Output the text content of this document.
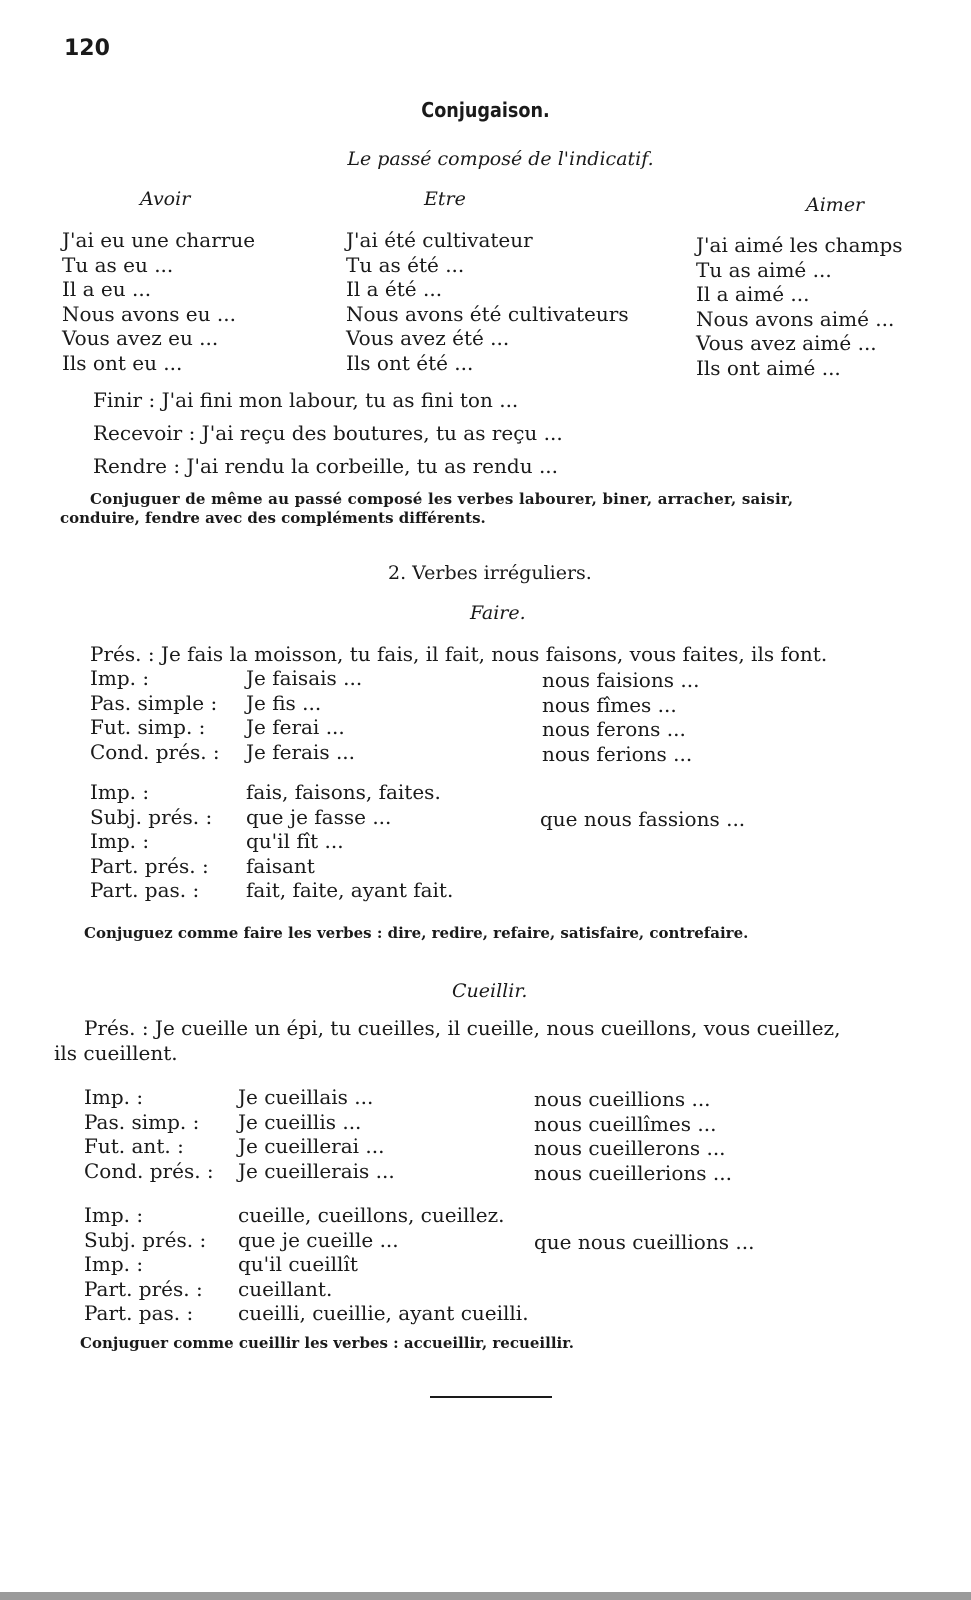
120
Conjugaison.
Le passé composé de l'indicatif.
Avoir	Etre	Aimer
J'ai eu une charrue
Tu as eu ...
Il a eu ...
Nous avons eu ...
Vous avez eu ...
Ils ont eu ...
J'ai été cultivateur
Tu as été ...
Il a été ...
Nous avons été cultivateurs
Vous avez été ...
Ils ont été ...
J'ai aimé les champs
Tu as aimé ...
Il a aimé ...
Nous avons aimé ...
Vous avez aimé ...
Ils ont aimé ...
Finir : J'ai fini mon labour, tu as fini ton ...
Recevoir : J'ai reçu des boutures, tu as reçu ...
Rendre : J'ai rendu la corbeille, tu as rendu ...
Conjuguer de même au passé composé les verbes labourer, biner, arracher, saisir,
conduire, fendre avec des compléments différents.
2. Verbes irréguliers.
Faire.
Prés. : Je fais la moisson, tu fais, il fait, nous faisons, vous faites, ils font.
Imp. :
Pas. simple :
Fut. simp. :
Cond. prés. :
Je faisais ...
Je fis ...
Je ferai ...
Je ferais ...
nous faisions ...
nous fîmes ...
nous ferons ...
nous ferions ...
Imp. :
Subj. prés. :
Imp. :
Part. prés. :
Part. pas. :
fais, faisons, faites.
que je fasse ...
qu'il fît ...
faisant
fait, faite, ayant fait.
que nous fassions ...
Conjuguez comme faire les verbes : dire, redire, refaire, satisfaire, contrefaire.
Cueillir.
Prés. : Je cueille un épi, tu cueilles, il cueille, nous cueillons, vous cueillez,
ils cueillent.
Imp. :
Pas. simp. :
Fut. ant. :
Cond. prés. :
Je cueillais ...
Je cueillis ...
Je cueillerai ...
Je cueillerais ...
nous cueillions ...
nous cueillîmes ...
nous cueillerons ...
nous cueillerions ...
Imp. :
Subj. prés. :
Imp. :
Part. prés. :
Part. pas. :
cueille, cueillons, cueillez.
que je cueille ...
qu'il cueillît
cueillant.
cueilli, cueillie, ayant cueilli.
que nous cueillions ...
Conjuguer comme cueillir les verbes : accueillir, recueillir.
